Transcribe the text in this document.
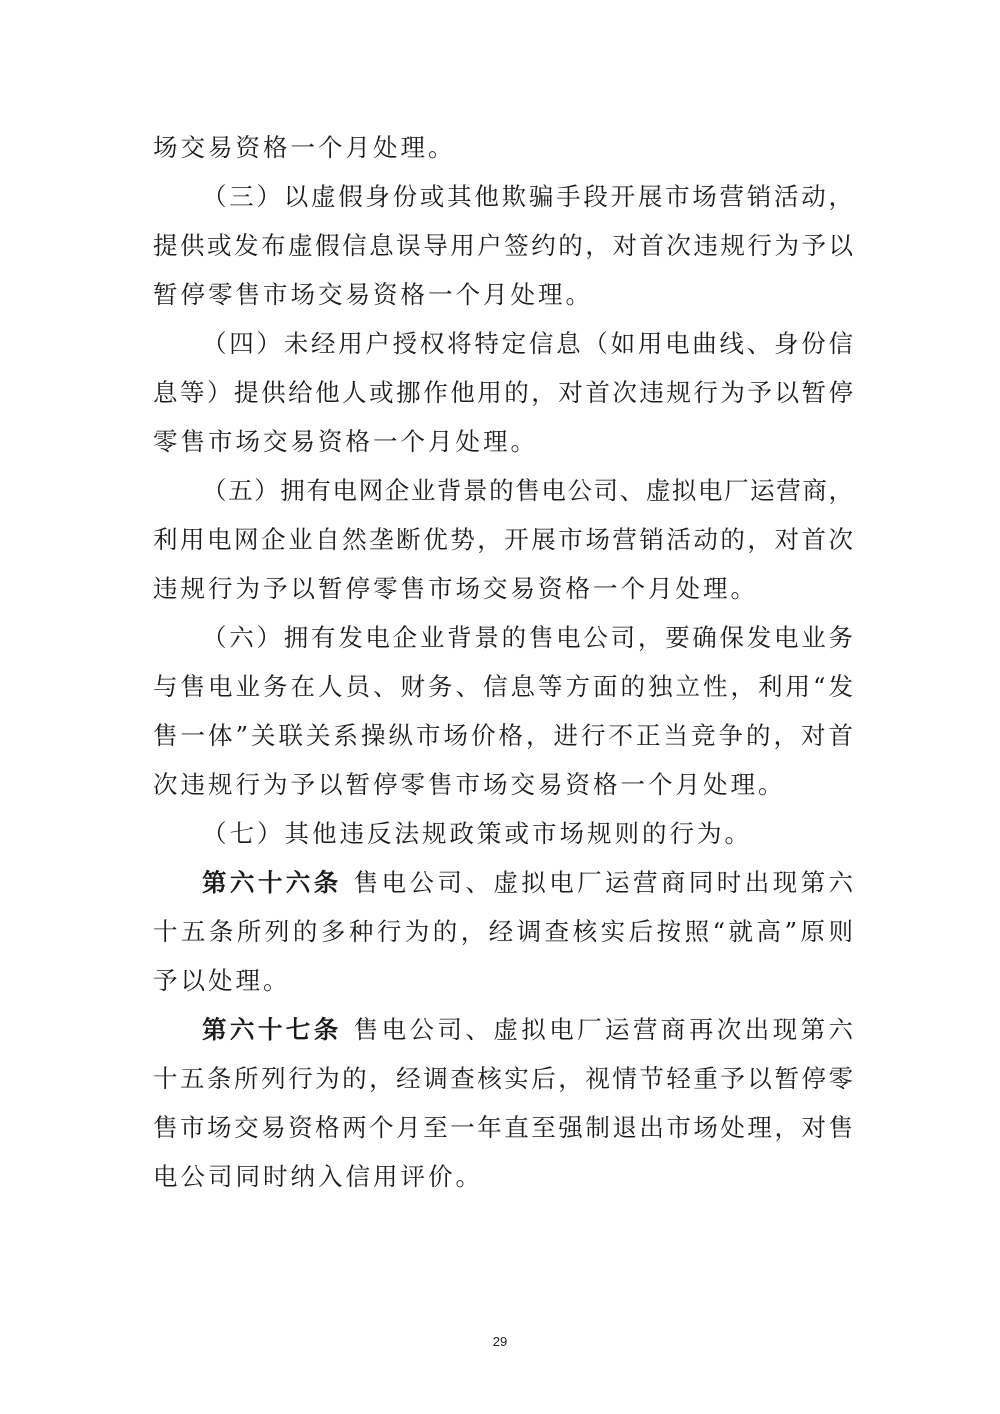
场交易资格一个月处理。
（三）以虚假身份或其他欺骗手段开展市场营销活动，
提供或发布虚假信息误导用户签约的，对首次违规行为予以
暂停零售市场交易资格一个月处理。
（四）未经用户授权将特定信息（如用电曲线、身份信
息等）提供给他人或挪作他用的，对首次违规行为予以暂停
零售市场交易资格一个月处理。
（五）拥有电网企业背景的售电公司、虚拟电厂运营商，
利用电网企业自然垄断优势，开展市场营销活动的，对首次
违规行为予以暂停零售市场交易资格一个月处理。
（六）拥有发电企业背景的售电公司，要确保发电业务
与售电业务在人员、财务、信息等方面的独立性，利用“发
售一体”关联关系操纵市场价格，进行不正当竞争的，对首
次违规行为予以暂停零售市场交易资格一个月处理。
（七）其他违反法规政策或市场规则的行为。
第六十六条 售电公司、虚拟电厂运营商同时出现第六
十五条所列的多种行为的，经调查核实后按照“就高”原则
予以处理。
第六十七条 售电公司、虚拟电厂运营商再次出现第六
十五条所列行为的，经调查核实后，视情节轻重予以暂停零
售市场交易资格两个月至一年直至强制退出市场处理，对售
电公司同时纳入信用评价。
29
